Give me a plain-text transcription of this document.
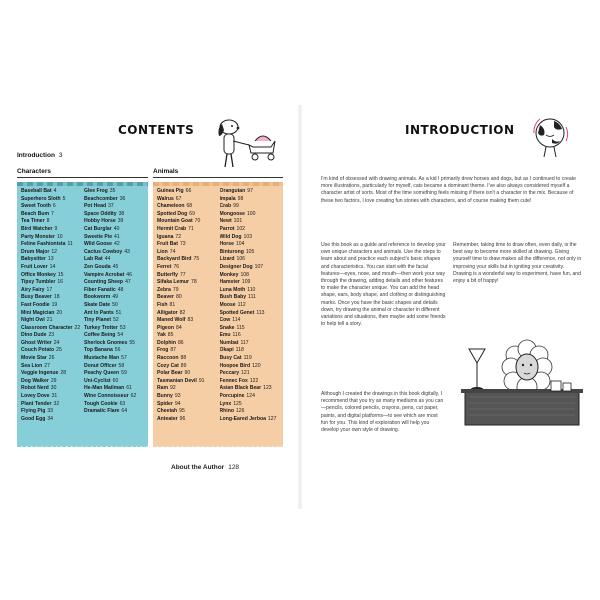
CONTENTS
Introduction 3
Characters	Animals
Baseball Bat 4
Superhero Sloth 5
Sweet Tooth 6
Beach Bum 7
Tea Timer 8
Bird Watcher 9
Party Monster 10
Feline Fashionista 11
Drum Major 12
Babysitter 13
Fruit Lover 14
Office Monkey 15
Tipsy Tumbler 16
Airy Fairy 17
Busy Beaver 18
Fast Foodie 19
Mini Magician 20
Night Owl 21
Classroom Character 22
Dino Dude 23
Ghost Writer 24
Couch Potato 25
Movie Star 26
Sea Lion 27
Veggie Ingenue 28
Dog Walker 29
Robot Nerd 30
Lovey Dove 31
Plant Tender 32
Flying Pig 33
Good Egg 34
Glee Frog 35
Beachcomber 36
Pot Head 37
Space Oddity 38
Hobby Horse 39
Cat Burglar 40
Sweetie Pie 41
Wild Goose 42
Cactus Cowboy 43
Lab Rat 44
Zen Gouda 45
Vampire Acrobat 46
Counting Sheep 47
Fiber Fanatic 48
Bookworm 49
Skate Date 50
Ant In Pants 51
Tiny Planet 52
Turkey Trotter 53
Coffee Being 54
Sherlock Gnomes 55
Top Banana 56
Mustache Man 57
Donut Officer 58
Peachy Queen 59
Uni-Cyclist 60
He-Man Mailman 61
Wine Connoisseur 62
Tough Cookie 63
Dramatic Flare 64
Guinea Pig 66
Walrus 67
Chameleon 68
Spotted Dog 69
Mountain Goat 70
Hermit Crab 71
Iguana 72
Fruit Bat 73
Lion 74
Backyard Bird 75
Ferret 76
Butterfly 77
Sifaka Lemur 78
Zebra 79
Beaver 80
Fish 81
Alligator 82
Maned Wolf 83
Pigeon 84
Yak 85
Dolphin 86
Frog 87
Raccoon 88
Cozy Cat 89
Polar Bear 90
Tasmanian Devil 91
Ram 92
Bunny 93
Spider 94
Cheetah 95
Anteater 96
Orangutan 97
Impala 98
Crab 99
Mongoose 100
Newt 101
Parrot 102
Wild Dog 103
Horse 104
Binturong 105
Lizard 106
Designer Dog 107
Monkey 108
Hamster 109
Luna Moth 110
Bush Baby 111
Moose 112
Spotted Genet 113
Cow 114
Snake 115
Emu 116
Numbat 117
Okapi 118
Busy Cat 119
Hoopoe Bird 120
Peccary 121
Fennec Fox 122
Asian Black Bear 123
Porcupine 124
Lynx 125
Rhino 126
Long-Eared Jerboa 127
About the Author 128
INTRODUCTION
I'm kind of obsessed with drawing animals. As a kid I primarily drew horses and dogs, but as I continued to create more illustrations, particularly for myself, cats became a dominant theme. I've also always considered myself a character artist of sorts. Most of the time something feels missing if there isn't a character in the mix. Because of these two factors, I love creating fun stories with characters, and of course making them cute!
Use this book as a guide and reference to develop your own unique characters and animals. Use the steps to learn about and practice each subject's basic shapes and characteristics. You can start with the facial features—eyes, nose, and mouth—then work your way through the drawing, adding details and other features to make the character unique. You can add the head shape, ears, body shape, and clothing or distinguishing marks. Once you have the basic shapes and details down, try drawing the animal or character in different variations and situations, then maybe add some friends to help tell a story.
Although I created the drawings in this book digitally, I recommend that you try as many mediums as you can—pencils, colored pencils, crayons, pens, cut paper, paints, and digital platforms—to see which are most fun for you. This kind of exploration will help you develop your own style of drawing.
Remember, taking time to draw often, even daily, is the best way to become more skilled at drawing. Giving yourself time to draw makes all the difference, not only in improving your skills but in igniting your creativity. Drawing is a wonderful way to experiment, have fun, and enjoy a bit of happy!
